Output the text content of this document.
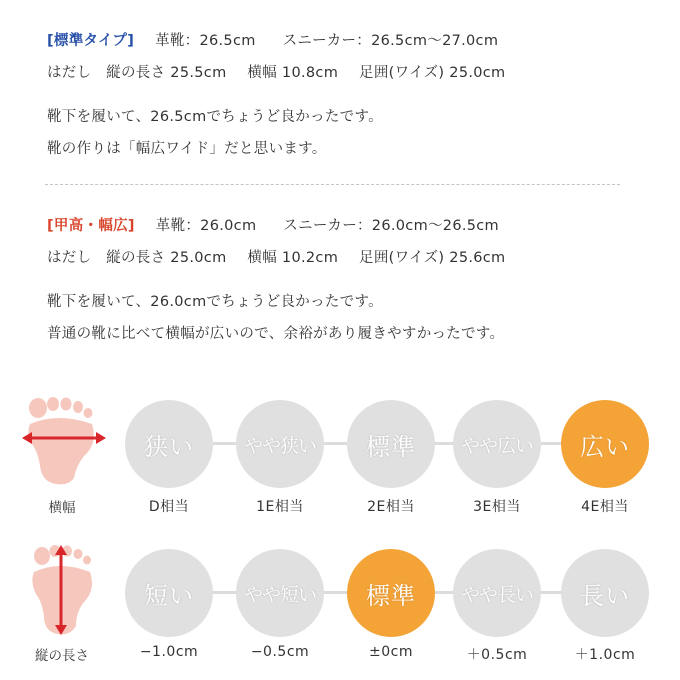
[標準タイプ] 革靴：26.5cm スニーカー：26.5cm〜27.0cm
はだし　縦の長さ 25.5cm 横幅 10.8cm 足囲(ワイズ) 25.0cm
靴下を履いて、26.5cmでちょうど良かったです。
靴の作りは「幅広ワイド」だと思います。
[甲高・幅広] 革靴：26.0cm スニーカー：26.0cm〜26.5cm
はだし　縦の長さ 25.0cm 横幅 10.2cm 足囲(ワイズ) 25.6cm
靴下を履いて、26.0cmでちょうど良かったです。
普通の靴に比べて横幅が広いので、余裕があり履きやすかったです。
横幅
狭い	やや狭い	標準	やや広い	広い
D相当	1E相当	2E相当	3E相当	4E相当
縦の長さ
短い	やや短い	標準	やや長い	長い
−1.0cm	−0.5cm	±0cm	＋0.5cm	＋1.0cm
